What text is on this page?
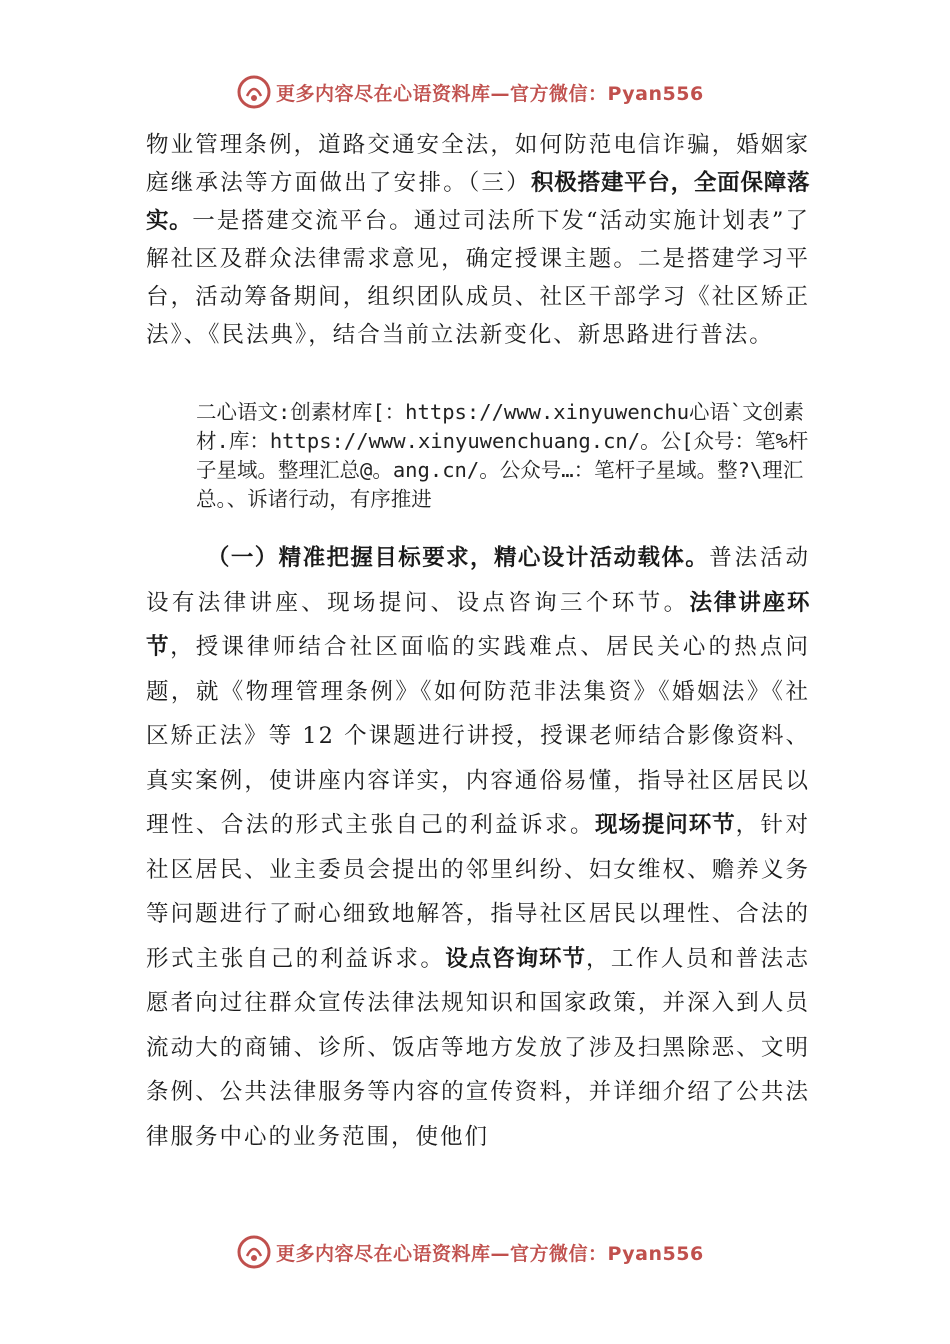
更多内容尽在心语资料库—官方微信：Pyan556

物业管理条例，道路交通安全法，如何防范电信诈骗，婚姻家庭继承法等方面做出了安排。（三）积极搭建平台，全面保障落实。一是搭建交流平台。通过司法所下发“活动实施计划表”了解社区及群众法律需求意见，确定授课主题。二是搭建学习平台，活动筹备期间，组织团队成员、社区干部学习《社区矫正法》、《民法典》，结合当前立法新变化、新思路进行普法。

二心语文:创素材库[：https://www.xinyuwenchu心语`文创素材.库：https://www.xinyuwenchuang.cn/。公[众号：笔%杆子星域。整理汇总@。ang.cn/。公众号…：笔杆子星域。整?\理汇总。、诉诸行动，有序推进

（一）精准把握目标要求，精心设计活动载体。普法活动设有法律讲座、现场提问、设点咨询三个环节。法律讲座环节，授课律师结合社区面临的实践难点、居民关心的热点问题，就《物理管理条例》《如何防范非法集资》《婚姻法》《社区矫正法》等 12 个课题进行讲授，授课老师结合影像资料、真实案例，使讲座内容详实，内容通俗易懂，指导社区居民以理性、合法的形式主张自己的利益诉求。现场提问环节，针对社区居民、业主委员会提出的邻里纠纷、妇女维权、赡养义务等问题进行了耐心细致地解答，指导社区居民以理性、合法的形式主张自己的利益诉求。设点咨询环节，工作人员和普法志愿者向过往群众宣传法律法规知识和国家政策，并深入到人员流动大的商铺、诊所、饭店等地方发放了涉及扫黑除恶、文明条例、公共法律服务等内容的宣传资料，并详细介绍了公共法律服务中心的业务范围，使他们

更多内容尽在心语资料库—官方微信：Pyan556
